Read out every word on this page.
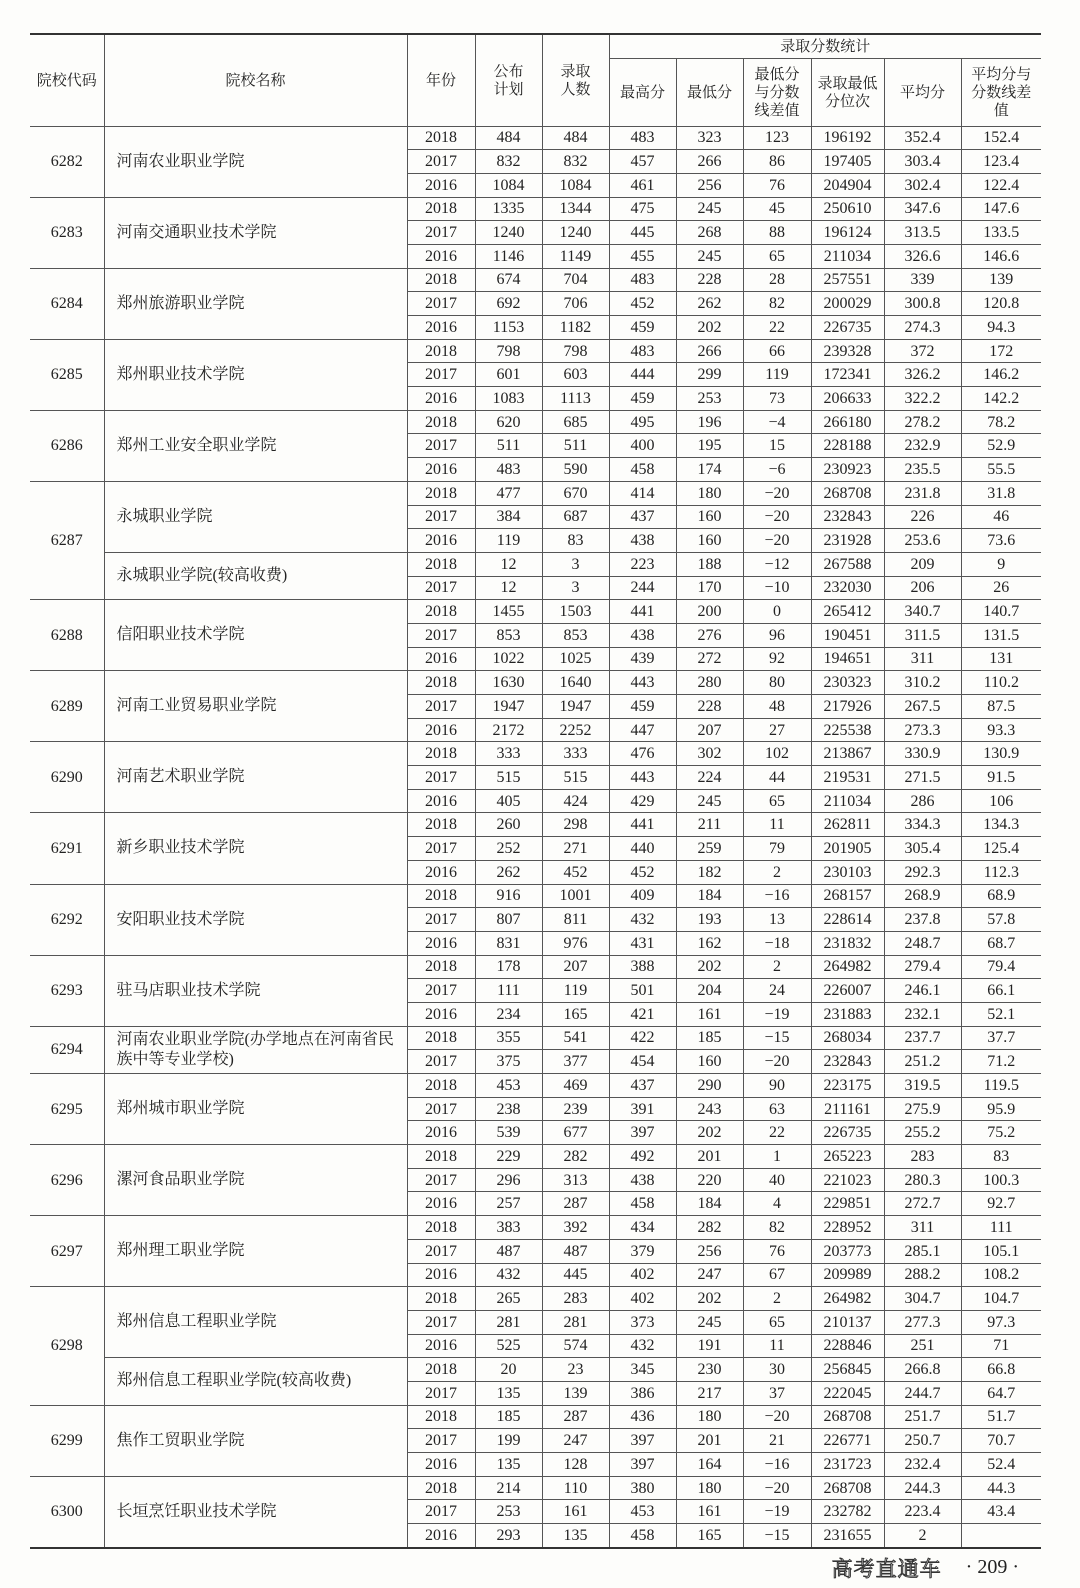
院校代码	院校名称	年份	公布计划	录取人数	录取分数统计					
					最高分	最低分	最低分与分数线差值	录取最低分位次	平均分	平均分与分数线差值
6282	河南农业职业学院	2018	484	484	483	323	123	196192	352.4	152.4
		2017	832	832	457	266	86	197405	303.4	123.4
		2016	1084	1084	461	256	76	204904	302.4	122.4
6283	河南交通职业技术学院	2018	1335	1344	475	245	45	250610	347.6	147.6
		2017	1240	1240	445	268	88	196124	313.5	133.5
		2016	1146	1149	455	245	65	211034	326.6	146.6
6284	郑州旅游职业学院	2018	674	704	483	228	28	257551	339	139
		2017	692	706	452	262	82	200029	300.8	120.8
		2016	1153	1182	459	202	22	226735	274.3	94.3
6285	郑州职业技术学院	2018	798	798	483	266	66	239328	372	172
		2017	601	603	444	299	119	172341	326.2	146.2
		2016	1083	1113	459	253	73	206633	322.2	142.2
6286	郑州工业安全职业学院	2018	620	685	495	196	−4	266180	278.2	78.2
		2017	511	511	400	195	15	228188	232.9	52.9
		2016	483	590	458	174	−6	230923	235.5	55.5
6287	永城职业学院	2018	477	670	414	180	−20	268708	231.8	31.8
		2017	384	687	437	160	−20	232843	226	46
		2016	119	83	438	160	−20	231928	253.6	73.6
	永城职业学院(较高收费)	2018	12	3	223	188	−12	267588	209	9
		2017	12	3	244	170	−10	232030	206	26
6288	信阳职业技术学院	2018	1455	1503	441	200	0	265412	340.7	140.7
		2017	853	853	438	276	96	190451	311.5	131.5
		2016	1022	1025	439	272	92	194651	311	131
6289	河南工业贸易职业学院	2018	1630	1640	443	280	80	230323	310.2	110.2
		2017	1947	1947	459	228	48	217926	267.5	87.5
		2016	2172	2252	447	207	27	225538	273.3	93.3
6290	河南艺术职业学院	2018	333	333	476	302	102	213867	330.9	130.9
		2017	515	515	443	224	44	219531	271.5	91.5
		2016	405	424	429	245	65	211034	286	106
6291	新乡职业技术学院	2018	260	298	441	211	11	262811	334.3	134.3
		2017	252	271	440	259	79	201905	305.4	125.4
		2016	262	452	452	182	2	230103	292.3	112.3
6292	安阳职业技术学院	2018	916	1001	409	184	−16	268157	268.9	68.9
		2017	807	811	432	193	13	228614	237.8	57.8
		2016	831	976	431	162	−18	231832	248.7	68.7
6293	驻马店职业技术学院	2018	178	207	388	202	2	264982	279.4	79.4
		2017	111	119	501	204	24	226007	246.1	66.1
		2016	234	165	421	161	−19	231883	232.1	52.1
6294	河南农业职业学院(办学地点在河南省民族中等专业学校)	2018	355	541	422	185	−15	268034	237.7	37.7
		2017	375	377	454	160	−20	232843	251.2	71.2
6295	郑州城市职业学院	2018	453	469	437	290	90	223175	319.5	119.5
		2017	238	239	391	243	63	211161	275.9	95.9
		2016	539	677	397	202	22	226735	255.2	75.2
6296	漯河食品职业学院	2018	229	282	492	201	1	265223	283	83
		2017	296	313	438	220	40	221023	280.3	100.3
		2016	257	287	458	184	4	229851	272.7	92.7
6297	郑州理工职业学院	2018	383	392	434	282	82	228952	311	111
		2017	487	487	379	256	76	203773	285.1	105.1
		2016	432	445	402	247	67	209989	288.2	108.2
6298	郑州信息工程职业学院	2018	265	283	402	202	2	264982	304.7	104.7
		2017	281	281	373	245	65	210137	277.3	97.3
		2016	525	574	432	191	11	228846	251	71
	郑州信息工程职业学院(较高收费)	2018	20	23	345	230	30	256845	266.8	66.8
		2017	135	139	386	217	37	222045	244.7	64.7
6299	焦作工贸职业学院	2018	185	287	436	180	−20	268708	251.7	51.7
		2017	199	247	397	201	21	226771	250.7	70.7
		2016	135	128	397	164	−16	231723	232.4	52.4
6300	长垣烹饪职业技术学院	2018	214	110	380	180	−20	268708	244.3	44.3
		2017	253	161	453	161	−19	232782	223.4	43.4
		2016	293	135	458	165	−15	231655	2	
高考直通车 · 209 ·
